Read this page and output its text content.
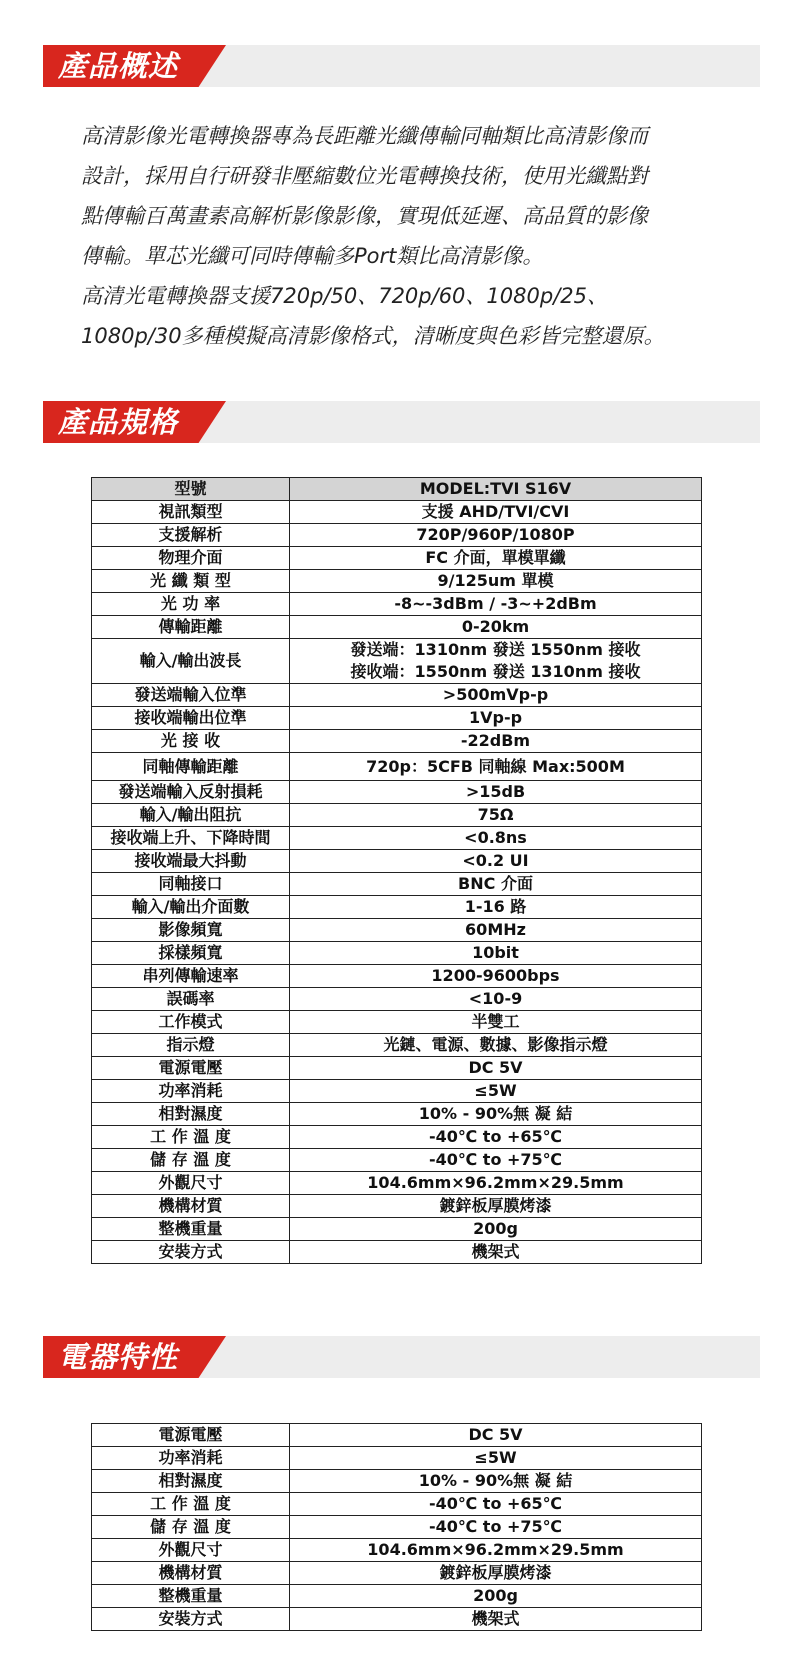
產品概述

高清影像光電轉換器專為長距離光纖傳輸同軸類比高清影像而

設計，採用自行研發非壓縮數位光電轉換技術，使用光纖點對

點傳輸百萬畫素高解析影像影像，實現低延遲、高品質的影像

傳輸。單芯光纖可同時傳輸多Port類比高清影像。

高清光電轉換器支援720p/50、720p/60、1080p/25、

1080p/30多種模擬高清影像格式，清晰度與色彩皆完整還原。

產品規格
型號	MODEL:TVI S16V
視訊類型	支援 AHD/TVI/CVI
支援解析	720P/960P/1080P
物理介面	FC 介面，單模單纖
光 纖 類 型	9/125um 單模
光 功 率	-8~-3dBm / -3~+2dBm
傳輸距離	0-20km
輸入/輸出波長	發送端：1310nm 發送 1550nm 接收
接收端：1550nm 發送 1310nm 接收

發送端輸入位準	>500mVp-p
接收端輸出位準	1Vp-p
光 接 收	-22dBm
同軸傳輸距離	720p：5CFB 同軸線 Max:500M
發送端輸入反射損耗	>15dB
輸入/輸出阻抗	75Ω
接收端上升、下降時間	<0.8ns
接收端最大抖動	<0.2 UI
同軸接口	BNC 介面
輸入/輸出介面數	1-16 路
影像頻寬	60MHz
採樣頻寬	10bit
串列傳輸速率	1200-9600bps
誤碼率	<10-9
工作模式	半雙工
指示燈	光鏈、電源、數據、影像指示燈
電源電壓	DC 5V
功率消耗	≤5W
相對濕度	10% - 90%無 凝 結
工 作 溫 度	-40℃ to +65℃
儲 存 溫 度	-40℃ to +75℃
外觀尺寸	104.6mm×96.2mm×29.5mm
機構材質	鍍鋅板厚膜烤漆
整機重量	200g
安裝方式	機架式
電器特性
電源電壓	DC 5V
功率消耗	≤5W
相對濕度	10% - 90%無 凝 結
工 作 溫 度	-40℃ to +65℃
儲 存 溫 度	-40℃ to +75℃
外觀尺寸	104.6mm×96.2mm×29.5mm
機構材質	鍍鋅板厚膜烤漆
整機重量	200g
安裝方式	機架式
